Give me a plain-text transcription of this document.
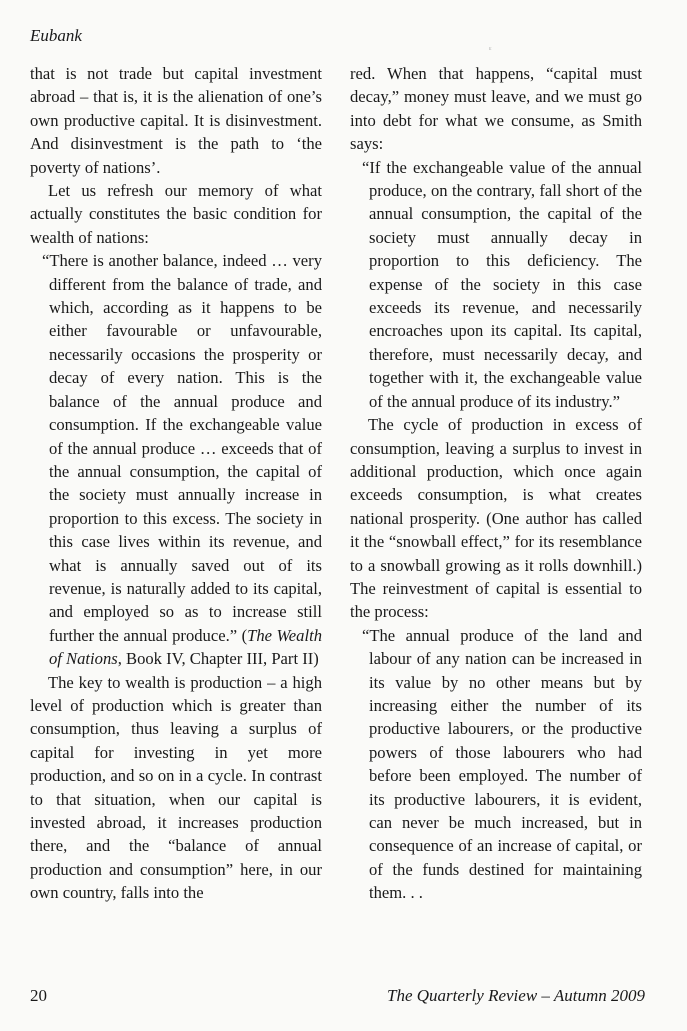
Eubank
ε

that is not trade but capital investment abroad – that is, it is the alienation of one’s own productive capital. It is disinvestment. And disinvestment is the path to ‘the poverty of nations’.

Let us refresh our memory of what actually constitutes the basic condition for wealth of nations:

“There is another balance, indeed … very different from the balance of trade, and which, according as it happens to be either favourable or unfavourable, necessarily occasions the prosperity or decay of every nation. This is the balance of the annual produce and consumption. If the exchangeable value of the annual produce … exceeds that of the annual consumption, the capital of the society must annually increase in proportion to this excess. The society in this case lives within its revenue, and what is annually saved out of its revenue, is naturally added to its capital, and employed so as to increase still further the annual produce.” (The Wealth of Nations, Book IV, Chapter III, Part II)

The key to wealth is production – a high level of production which is greater than consumption, thus leaving a surplus of capital for investing in yet more production, and so on in a cycle. In contrast to that situation, when our capital is invested abroad, it increases production there, and the “balance of annual production and consumption” here, in our own country, falls into the

red. When that happens, “capital must decay,” money must leave, and we must go into debt for what we consume, as Smith says:

“If the exchangeable value of the annual produce, on the contrary, fall short of the annual consumption, the capital of the society must annually decay in proportion to this deficiency. The expense of the society in this case exceeds its revenue, and necessarily encroaches upon its capital. Its capital, therefore, must necessarily decay, and together with it, the exchangeable value of the annual produce of its industry.”

The cycle of production in excess of consumption, leaving a surplus to invest in additional production, which once again exceeds consumption, is what creates national prosperity. (One author has called it the “snowball effect,” for its resemblance to a snowball growing as it rolls downhill.) The reinvestment of capital is essential to the process:

“The annual produce of the land and labour of any nation can be increased in its value by no other means but by increasing either the number of its productive labourers, or the productive powers of those labourers who had before been employed. The number of its productive labourers, it is evident, can never be much increased, but in consequence of an increase of capital, or of the funds destined for maintaining them. . .

20	The Quarterly Review – Autumn 2009
